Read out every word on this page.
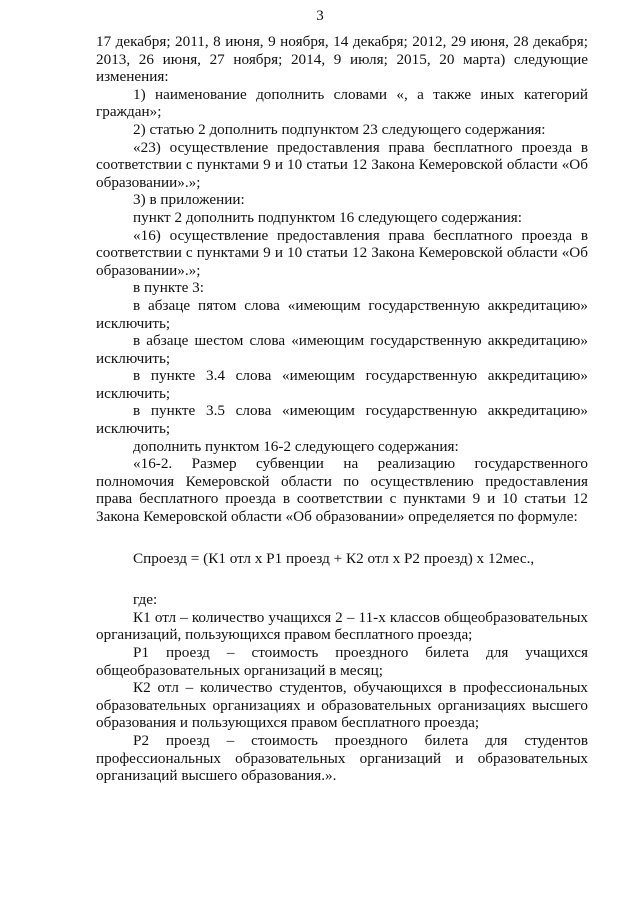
3

17 декабря; 2011, 8 июня, 9 ноября, 14 декабря; 2012, 29 июня, 28 декабря; 2013, 26 июня, 27 ноября; 2014, 9 июля; 2015, 20 марта) следующие изменения:

1) наименование дополнить словами «, а также иных категорий граждан»;

2) статью 2 дополнить подпунктом 23 следующего содержания:

«23) осуществление предоставления права бесплатного проезда в соответствии с пунктами 9 и 10 статьи 12 Закона Кемеровской области «Об образовании».»;

3) в приложении:

пункт 2 дополнить подпунктом 16 следующего содержания:

«16) осуществление предоставления права бесплатного проезда в соответствии с пунктами 9 и 10 статьи 12 Закона Кемеровской области «Об образовании».»;

в пункте 3:

в абзаце пятом слова «имеющим государственную аккредитацию» исключить;

в абзаце шестом слова «имеющим государственную аккредитацию» исключить;

в пункте 3.4 слова «имеющим государственную аккредитацию» исключить;

в пункте 3.5 слова «имеющим государственную аккредитацию» исключить;

дополнить пунктом 16-2 следующего содержания:

«16-2. Размер субвенции на реализацию государственного полномочия Кемеровской области по осуществлению предоставления права бесплатного проезда в соответствии с пунктами 9 и 10 статьи 12 Закона Кемеровской области «Об образовании» определяется по формуле:

Спроезд = (К1 отл х Р1 проезд + К2 отл х Р2 проезд) х 12мес.,

где:

К1 отл – количество учащихся 2 – 11-х классов общеобразовательных организаций, пользующихся правом бесплатного проезда;

Р1 проезд – стоимость проездного билета для учащихся общеобразовательных организаций в месяц;

К2 отл – количество студентов, обучающихся в профессиональных образовательных организациях и образовательных организациях высшего образования и пользующихся правом бесплатного проезда;

Р2 проезд – стоимость проездного билета для студентов профессиональных образовательных организаций и образовательных организаций высшего образования.».
